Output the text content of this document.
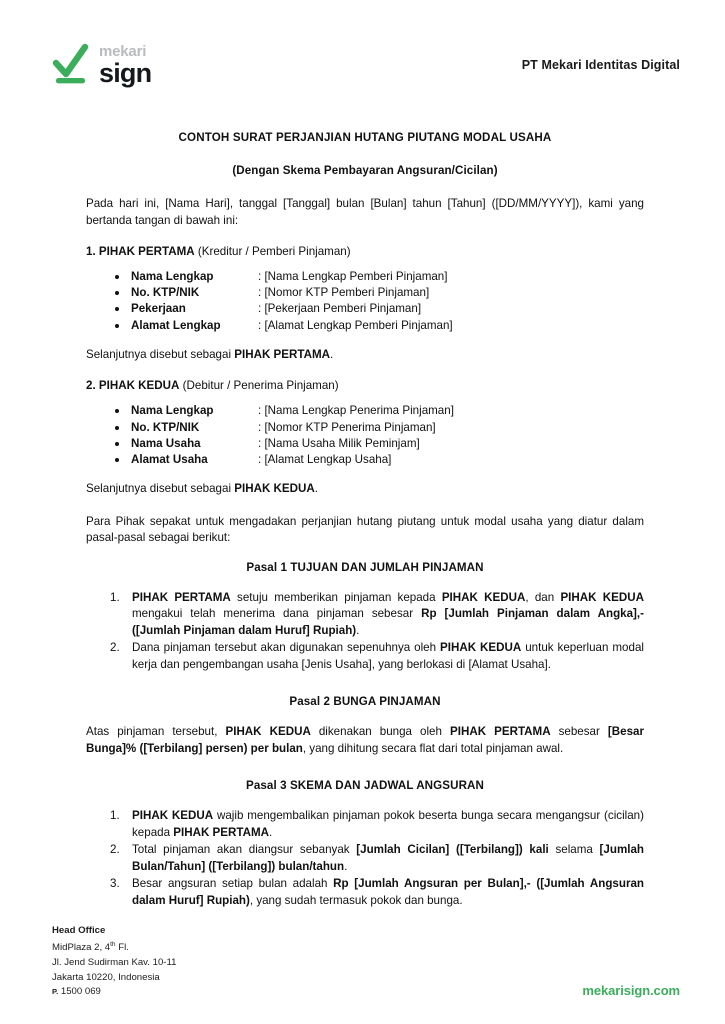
mekari
sign	PT Mekari Identitas Digital
CONTOH SURAT PERJANJIAN HUTANG PIUTANG MODAL USAHA
(Dengan Skema Pembayaran Angsuran/Cicilan)

Pada hari ini, [Nama Hari], tanggal [Tanggal] bulan [Bulan] tahun [Tahun] ([DD/MM/YYYY]), kami yang bertanda tangan di bawah ini:

1. PIHAK PERTAMA (Kreditur / Pemberi Pinjaman)
Nama Lengkap	: [Nama Lengkap Pemberi Pinjaman]
No. KTP/NIK	: [Nomor KTP Pemberi Pinjaman]
Pekerjaan	: [Pekerjaan Pemberi Pinjaman]
Alamat Lengkap	: [Alamat Lengkap Pemberi Pinjaman]

Selanjutnya disebut sebagai PIHAK PERTAMA.

2. PIHAK KEDUA (Debitur / Penerima Pinjaman)
Nama Lengkap	: [Nama Lengkap Penerima Pinjaman]
No. KTP/NIK	: [Nomor KTP Penerima Pinjaman]
Nama Usaha	: [Nama Usaha Milik Peminjam]
Alamat Usaha	: [Alamat Lengkap Usaha]

Selanjutnya disebut sebagai PIHAK KEDUA.

Para Pihak sepakat untuk mengadakan perjanjian hutang piutang untuk modal usaha yang diatur dalam pasal-pasal sebagai berikut:

Pasal 1 TUJUAN DAN JUMLAH PINJAMAN
PIHAK PERTAMA setuju memberikan pinjaman kepada PIHAK KEDUA, dan PIHAK KEDUA mengakui telah menerima dana pinjaman sebesar Rp [Jumlah Pinjaman dalam Angka],- ([Jumlah Pinjaman dalam Huruf] Rupiah).
Dana pinjaman tersebut akan digunakan sepenuhnya oleh PIHAK KEDUA untuk keperluan modal kerja dan pengembangan usaha [Jenis Usaha], yang berlokasi di [Alamat Usaha].
Pasal 2 BUNGA PINJAMAN

Atas pinjaman tersebut, PIHAK KEDUA dikenakan bunga oleh PIHAK PERTAMA sebesar [Besar Bunga]% ([Terbilang] persen) per bulan, yang dihitung secara flat dari total pinjaman awal.

Pasal 3 SKEMA DAN JADWAL ANGSURAN
PIHAK KEDUA wajib mengembalikan pinjaman pokok beserta bunga secara mengangsur (cicilan) kepada PIHAK PERTAMA.
Total pinjaman akan diangsur sebanyak [Jumlah Cicilan] ([Terbilang]) kali selama [Jumlah Bulan/Tahun] ([Terbilang]) bulan/tahun.
Besar angsuran setiap bulan adalah Rp [Jumlah Angsuran per Bulan],- ([Jumlah Angsuran dalam Huruf] Rupiah), yang sudah termasuk pokok dan bunga.
Head Office
MidPlaza 2, 4th Fl.
Jl. Jend Sudirman Kav. 10-11
Jakarta 10220, Indonesia
P. 1500 069	mekarisign.com
